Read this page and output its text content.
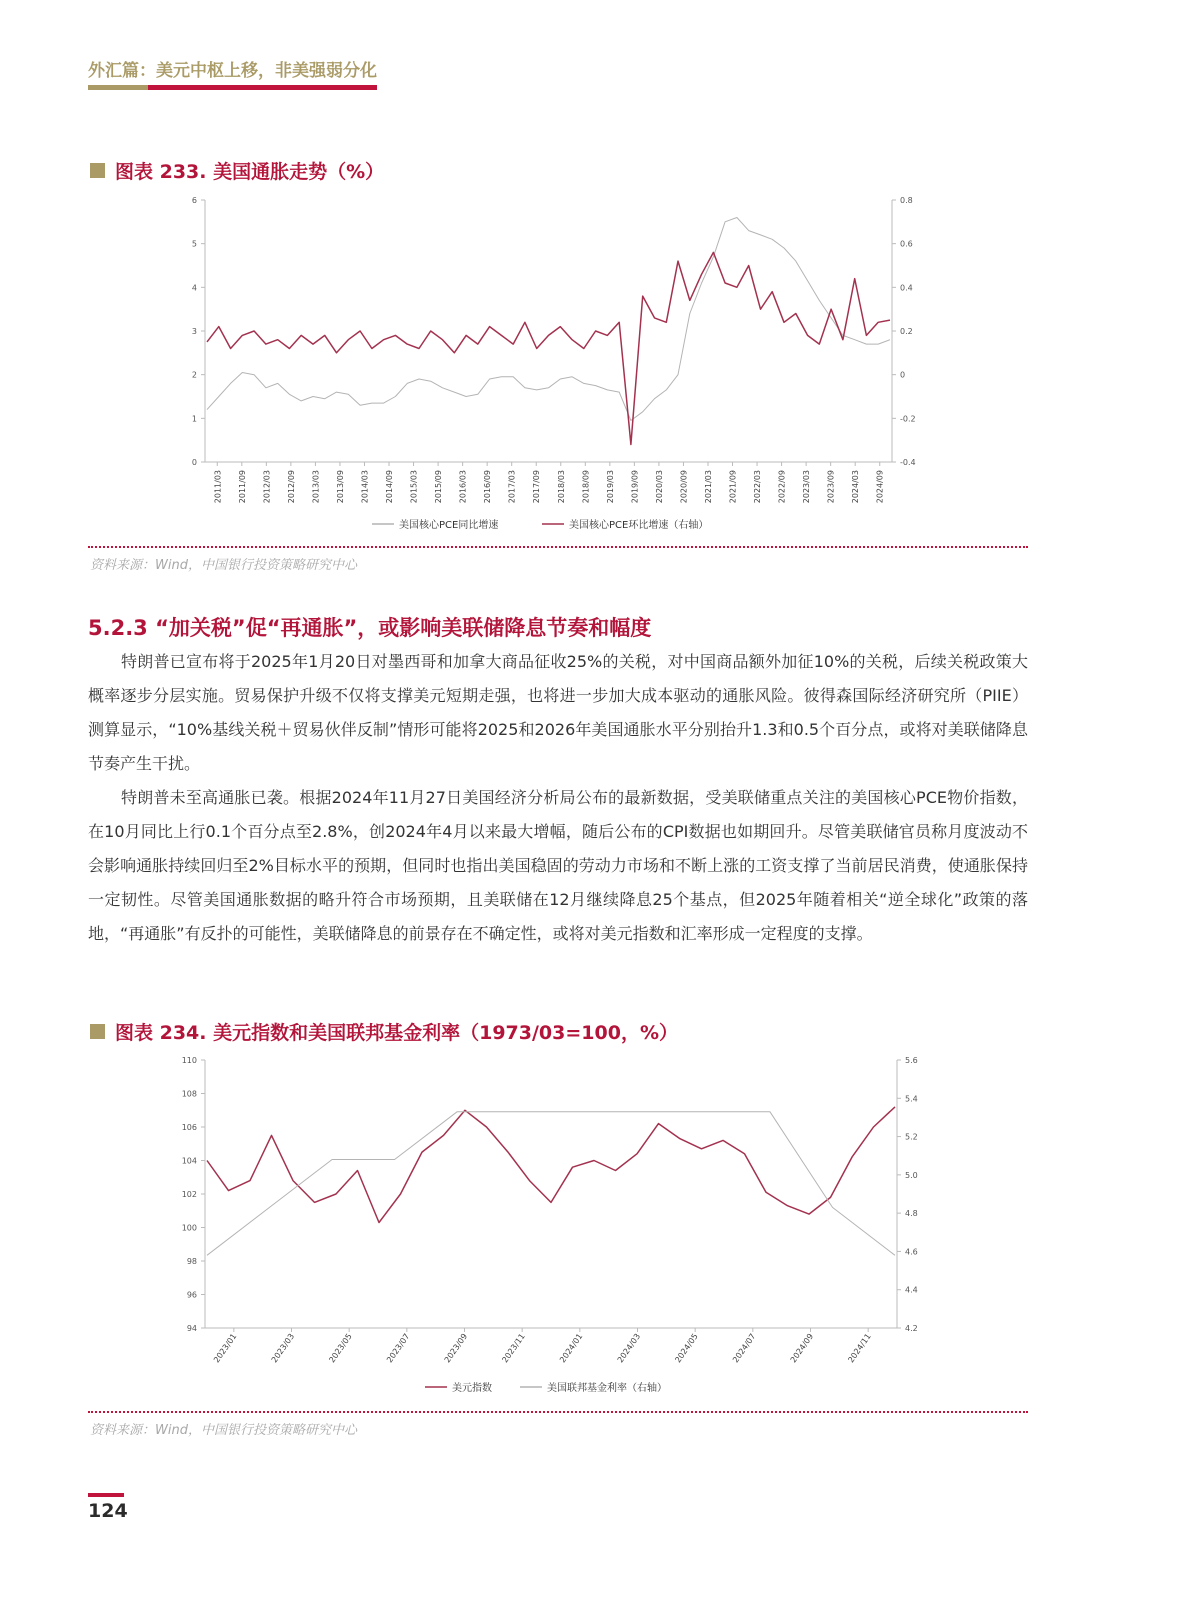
外汇篇：美元中枢上移，非美强弱分化
图表 233. 美国通胀走势（%）
0
1
2
3
4
5
6
-0.4
-0.2
0
0.2
0.4
0.6
0.8
2011/03 2011/09 2012/03 2012/09 2013/03 2013/09 2014/03 2014/09 2015/03 2015/09 2016/03 2016/09 2017/03 2017/09 2018/03 2018/09 2019/03 2019/09 2020/03 2020/09 2021/03 2021/09 2022/03 2022/09 2023/03 2023/09 2024/03 2024/09
美国核心PCE同比增速	美国核心PCE环比增速（右轴）
资料来源：Wind，中国银行投资策略研究中心
5.2.3 “加关税”促“再通胀”，或影响美联储降息节奏和幅度
特朗普已宣布将于2025年1月20日对墨西哥和加拿大商品征收25%的关税，对中国商品额外加征10%的关税，后续关税政策大概率逐步分层实施。贸易保护升级不仅将支撑美元短期走强，也将进一步加大成本驱动的通胀风险。彼得森国际经济研究所（PIIE）测算显示，“10%基线关税＋贸易伙伴反制”情形可能将2025和2026年美国通胀水平分别抬升1.3和0.5个百分点，或将对美联储降息节奏产生干扰。
特朗普未至高通胀已袭。根据2024年11月27日美国经济分析局公布的最新数据，受美联储重点关注的美国核心PCE物价指数，在10月同比上行0.1个百分点至2.8%，创2024年4月以来最大增幅，随后公布的CPI数据也如期回升。尽管美联储官员称月度波动不会影响通胀持续回归至2%目标水平的预期，但同时也指出美国稳固的劳动力市场和不断上涨的工资支撑了当前居民消费，使通胀保持一定韧性。尽管美国通胀数据的略升符合市场预期，且美联储在12月继续降息25个基点，但2025年随着相关“逆全球化”政策的落地，“再通胀”有反扑的可能性，美联储降息的前景存在不确定性，或将对美元指数和汇率形成一定程度的支撑。
图表 234. 美元指数和美国联邦基金利率（1973/03=100，%）
94
96
98
100
102
104
106
108
110
4.2
4.4
4.6
4.8
5.0
5.2
5.4
5.6
2023/01	2023/03	2023/05	2023/07	2023/09	2023/11	2024/01	2024/03	2024/05	2024/07	2024/09	2024/11
美元指数	美国联邦基金利率（右轴）
资料来源：Wind，中国银行投资策略研究中心
124
